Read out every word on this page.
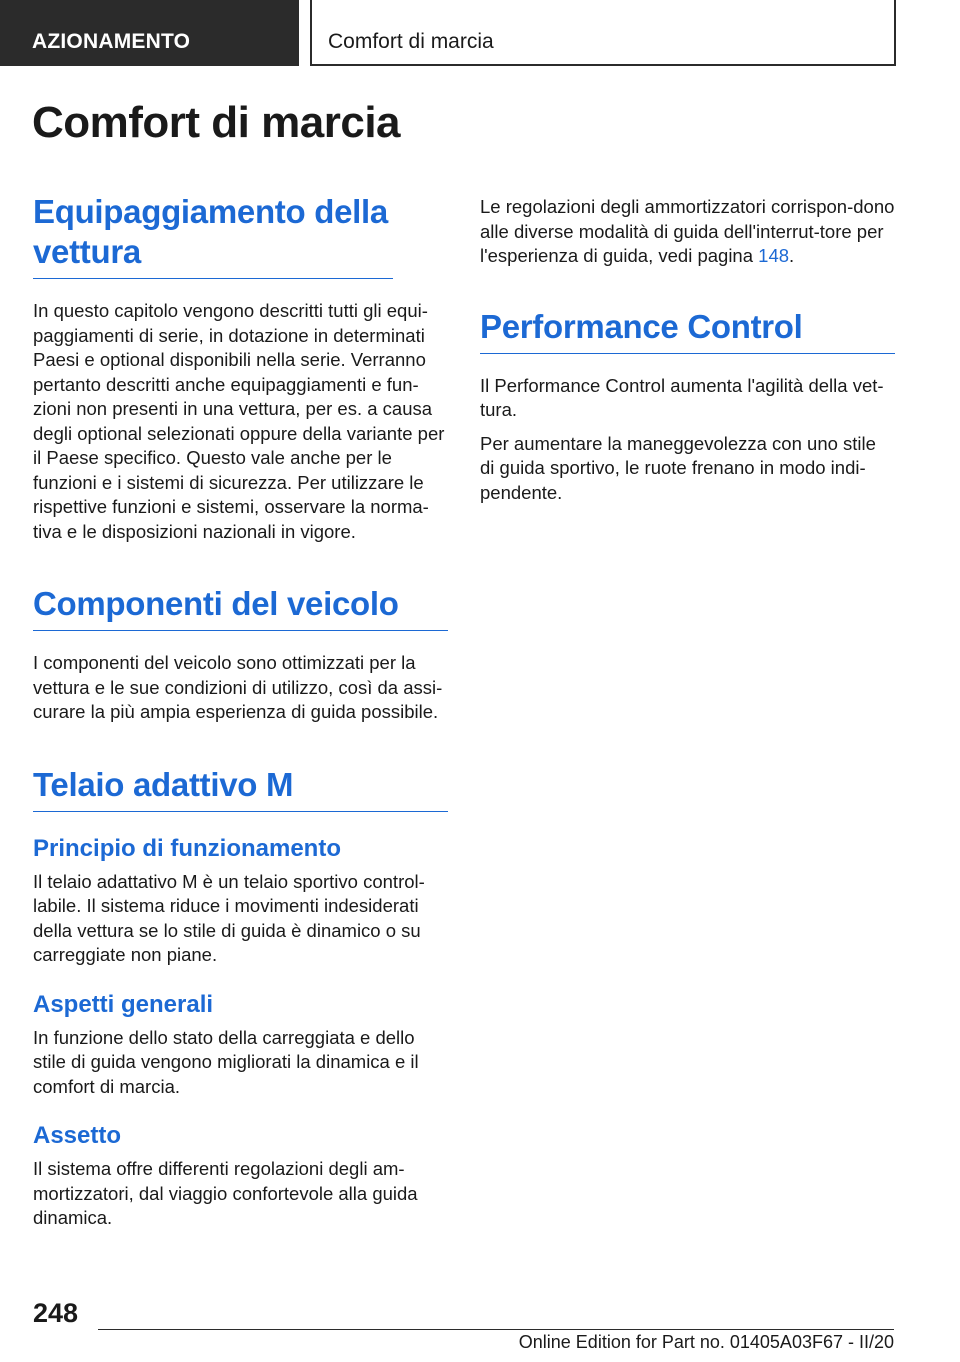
AZIONAMENTO	Comfort di marcia
Comfort di marcia
Equipaggiamento della vettura

In questo capitolo vengono descritti tutti gli equi-paggiamenti di serie, in dotazione in determinati Paesi e optional disponibili nella serie. Verranno pertanto descritti anche equipaggiamenti e fun-zioni non presenti in una vettura, per es. a causa degli optional selezionati oppure della variante per il Paese specifico. Questo vale anche per le funzioni e i sistemi di sicurezza. Per utilizzare le rispettive funzioni e sistemi, osservare la norma-tiva e le disposizioni nazionali in vigore.

Componenti del veicolo

I componenti del veicolo sono ottimizzati per la vettura e le sue condizioni di utilizzo, così da assi-curare la più ampia esperienza di guida possibile.

Telaio adattivo M
Principio di funzionamento

Il telaio adattativo M è un telaio sportivo control-labile. Il sistema riduce i movimenti indesiderati della vettura se lo stile di guida è dinamico o su carreggiate non piane.

Aspetti generali

In funzione dello stato della carreggiata e dello stile di guida vengono migliorati la dinamica e il comfort di marcia.

Assetto

Il sistema offre differenti regolazioni degli am-mortizzatori, dal viaggio confortevole alla guida dinamica.

Le regolazioni degli ammortizzatori corrispon-dono alle diverse modalità di guida dell'interrut-tore per l'esperienza di guida, vedi pagina 148.

Performance Control

Il Performance Control aumenta l'agilità della vet-tura.

Per aumentare la maneggevolezza con uno stile di guida sportivo, le ruote frenano in modo indi-pendente.

248
Online Edition for Part no. 01405A03F67 - II/20
